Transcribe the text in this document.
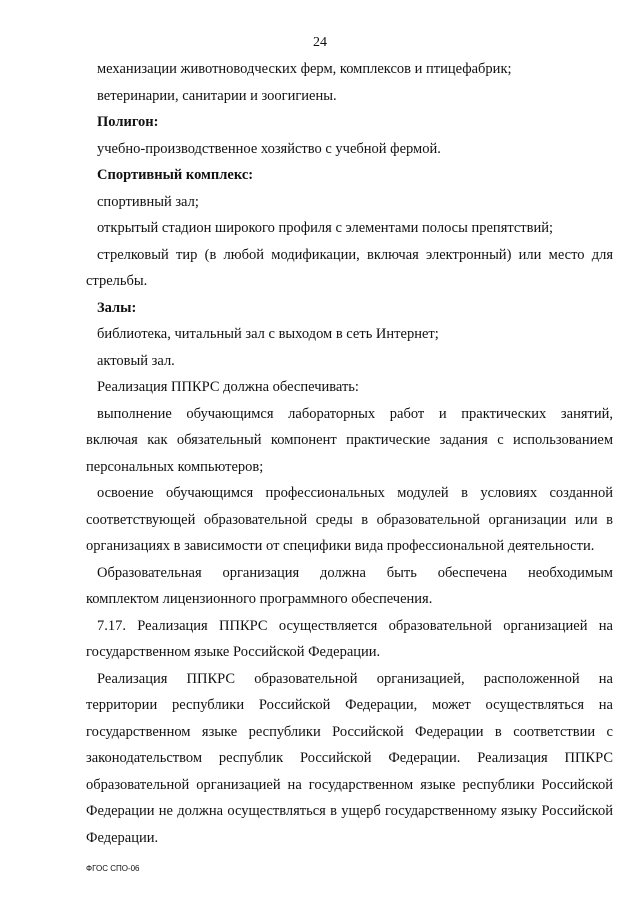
24
механизации животноводческих ферм, комплексов и птицефабрик;
ветеринарии, санитарии и зоогигиены.
Полигон:
учебно-производственное хозяйство с учебной фермой.
Спортивный комплекс:
спортивный зал;
открытый стадион широкого профиля с элементами полосы препятствий;
стрелковый тир (в любой модификации, включая электронный) или место для
стрельбы.
Залы:
библиотека, читальный зал с выходом в сеть Интернет;
актовый зал.
Реализация ППКРС должна обеспечивать:
выполнение обучающимся лабораторных работ и практических занятий,
включая как обязательный компонент практические задания с использованием
персональных компьютеров;
освоение обучающимся профессиональных модулей в условиях созданной
соответствующей образовательной среды в образовательной организации или в
организациях в зависимости от специфики вида профессиональной деятельности.
Образовательная организация должна быть обеспечена необходимым
комплектом лицензионного программного обеспечения.
7.17. Реализация ППКРС осуществляется образовательной организацией на
государственном языке Российской Федерации.
Реализация ППКРС образовательной организацией, расположенной на
территории республики Российской Федерации, может осуществляться на
государственном языке республики Российской Федерации в соответствии с
законодательством республик Российской Федерации. Реализация ППКРС
образовательной организацией на государственном языке республики Российской
Федерации не должна осуществляться в ущерб государственному языку Российской
Федерации.
ФГОС СПО-06
